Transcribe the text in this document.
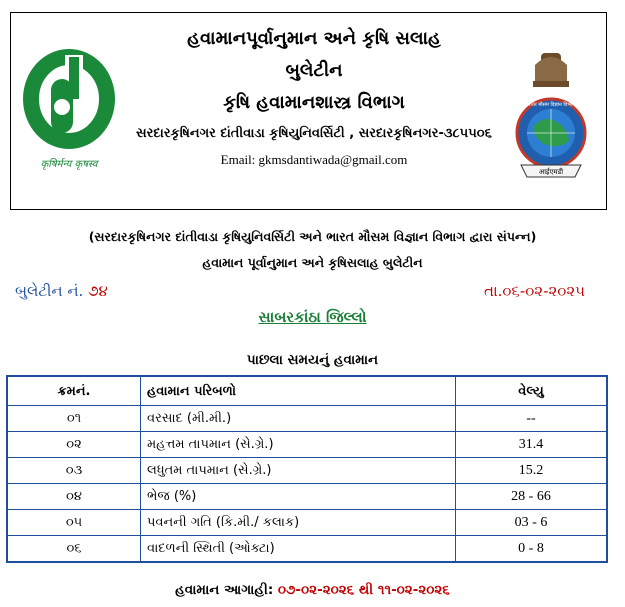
कृषिर्मन्य कृषस्व
હવામાનપૂર્વાનુમાન અને કૃષિ સલાહ
બુલેટીન
કૃષિ હવામાનશાસ્ત્ર વિભાગ
સરદારકૃષિનગર દાંતીવાડા કૃષિયુનિવર્સિટી , સરદારકૃષિનગર-૩૮૫૫૦૬
Email: gkmsdantiwada@gmail.com
भारत मौसम विज्ञान विभाग
आईएमडी
(સરદારકૃષિનગર દાંતીવાડા કૃષિયુનિવર્સિટી અને ભારત મૌસમ વિજ્ઞાન વિભાગ દ્વારા સંપન્ન)
હવામાન પૂર્વાનુમાન અને કૃષિસલાહ બુલેટીન
બુલેટીન નં. ૭૪	તા.૦૬-૦૨-૨૦૨૫
સાબરકાંઠા જિલ્લો
પાછલા સમયનું હવામાન
ક્રમનં.	હવામાન પરિબળો	વેલ્યુ
૦૧	વરસાદ (મી.મી.)	--
૦૨	મહત્તમ તાપમાન (સે.ગ્રે.)	31.4
૦૩	લધુતમ તાપમાન (સે.ગ્રે.)	15.2
૦૪	ભેજ (%)	28 - 66
૦૫	પવનની ગતિ (કિ.મી./ કલાક)	03 - 6
૦૬	વાદળની સ્થિતી (ઓક્ટા)	0 - 8
હવામાન આગાહી: ૦૭-૦૨-૨૦૨૬ થી ૧૧-૦૨-૨૦૨૬
